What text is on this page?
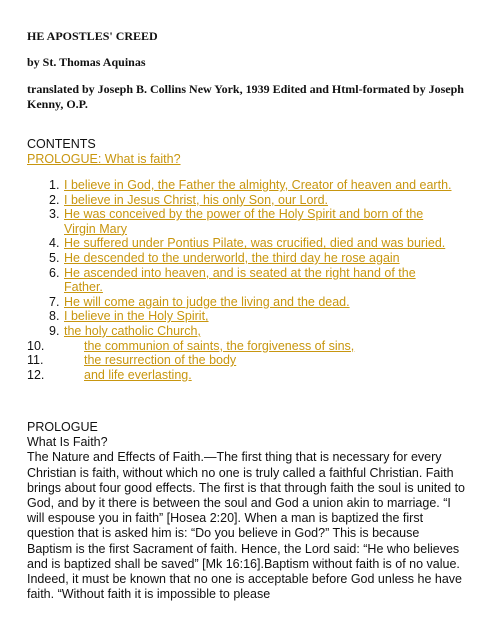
HE APOSTLES' CREED

by St. Thomas Aquinas

translated by Joseph B. Collins New York, 1939 Edited and Html-formated by Joseph Kenny, O.P.

CONTENTS

PROLOGUE: What is faith?
1. I believe in God, the Father the almighty, Creator of heaven and earth.
2. I believe in Jesus Christ, his only Son, our Lord.
3. He was conceived by the power of the Holy Spirit and born of the Virgin Mary
4. He suffered under Pontius Pilate, was crucified, died and was buried.
5. He descended to the underworld, the third day he rose again
6. He ascended into heaven, and is seated at the right hand of the Father.
7. He will come again to judge the living and the dead.
8. I believe in the Holy Spirit,
9. the holy catholic Church,
10.	the communion of saints, the forgiveness of sins,
11.	the resurrection of the body
12.	and life everlasting.

PROLOGUE

What Is Faith?

The Nature and Effects of Faith.—The first thing that is necessary for every Christian is faith, without which no one is truly called a faithful Christian. Faith brings about four good effects. The first is that through faith the soul is united to God, and by it there is between the soul and God a union akin to marriage. “I will espouse you in faith” [Hosea 2:20]. When a man is baptized the first question that is asked him is: “Do you believe in God?” This is because Baptism is the first Sacrament of faith. Hence, the Lord said: “He who believes and is baptized shall be saved” [Mk 16:16].Baptism without faith is of no value. Indeed, it must be known that no one is acceptable before God unless he have faith. “Without faith it is impossible to please
